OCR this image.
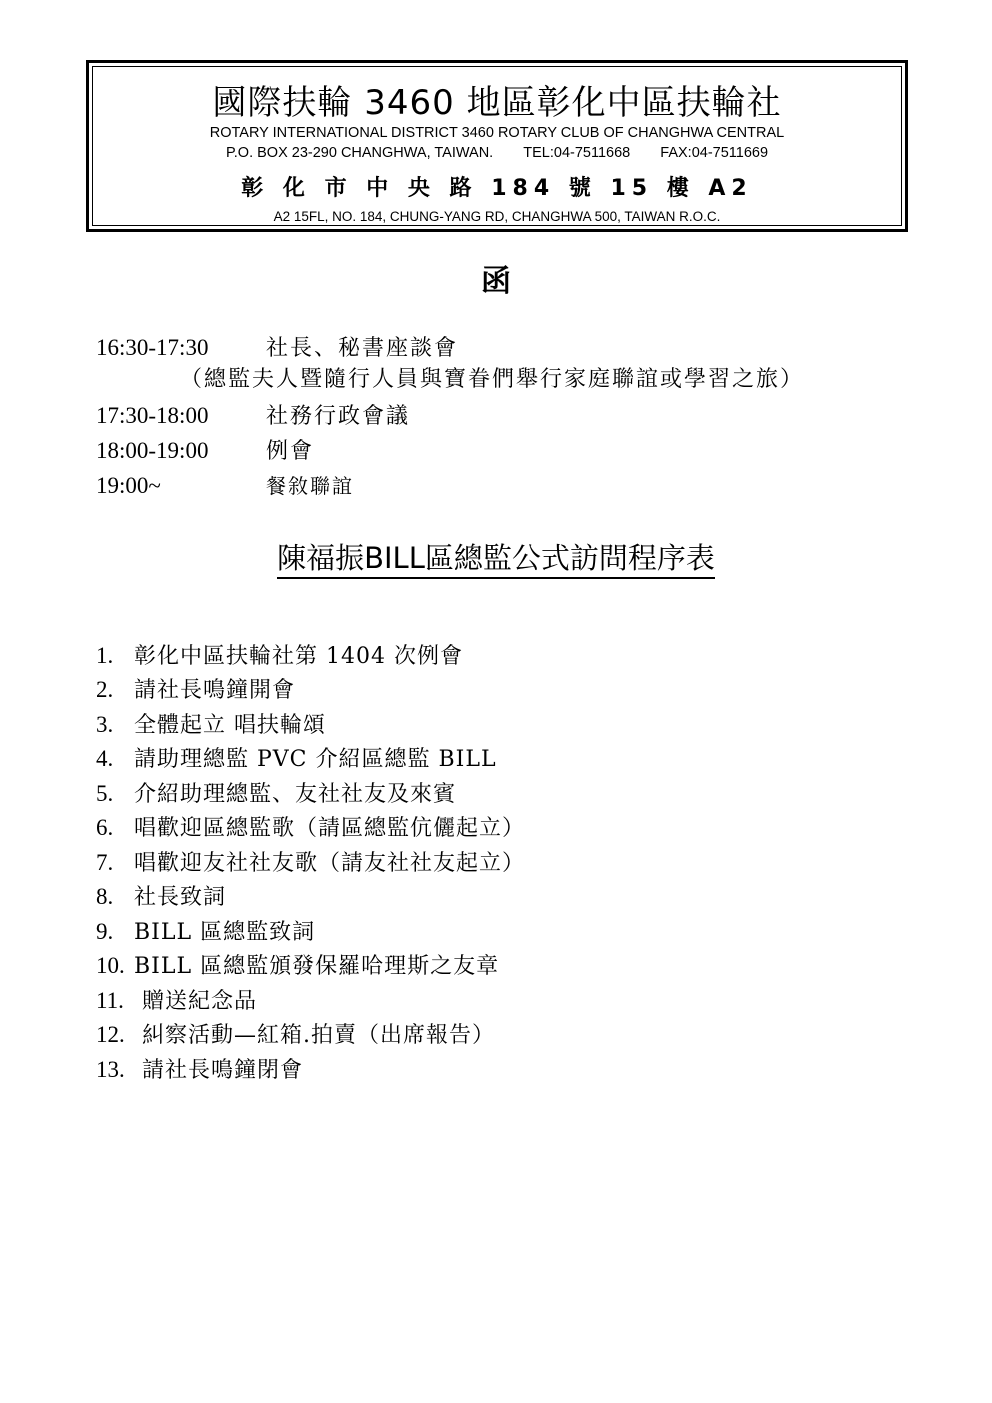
國際扶輪 3460 地區彰化中區扶輪社
ROTARY INTERNATIONAL DISTRICT 3460 ROTARY CLUB OF CHANGHWA CENTRAL
P.O. BOX 23-290 CHANGHWA, TAIWAN. TEL:04-7511668 FAX:04-7511669
彰 化 市 中 央 路 184 號 15 樓 A2
A2 15FL, NO. 184, CHUNG-YANG RD, CHANGHWA 500, TAIWAN R.O.C.
函
16:30-17:30	社長、秘書座談會
（總監夫人暨隨行人員與寶眷們舉行家庭聯誼或學習之旅）
17:30-18:00	社務行政會議
18:00-19:00	例會
19:00~	餐敘聯誼
陳福振BILL區總監公式訪問程序表
1. 彰化中區扶輪社第 1404 次例會
2. 請社長鳴鐘開會
3. 全體起立 唱扶輪頌
4. 請助理總監 PVC 介紹區總監 BILL
5. 介紹助理總監、友社社友及來賓
6. 唱歡迎區總監歌（請區總監伉儷起立）
7. 唱歡迎友社社友歌（請友社社友起立）
8. 社長致詞
9. BILL 區總監致詞
10. BILL 區總監頒發保羅哈理斯之友章
11. 贈送紀念品
12. 糾察活動—紅箱.拍賣（出席報告）
13. 請社長鳴鐘閉會
